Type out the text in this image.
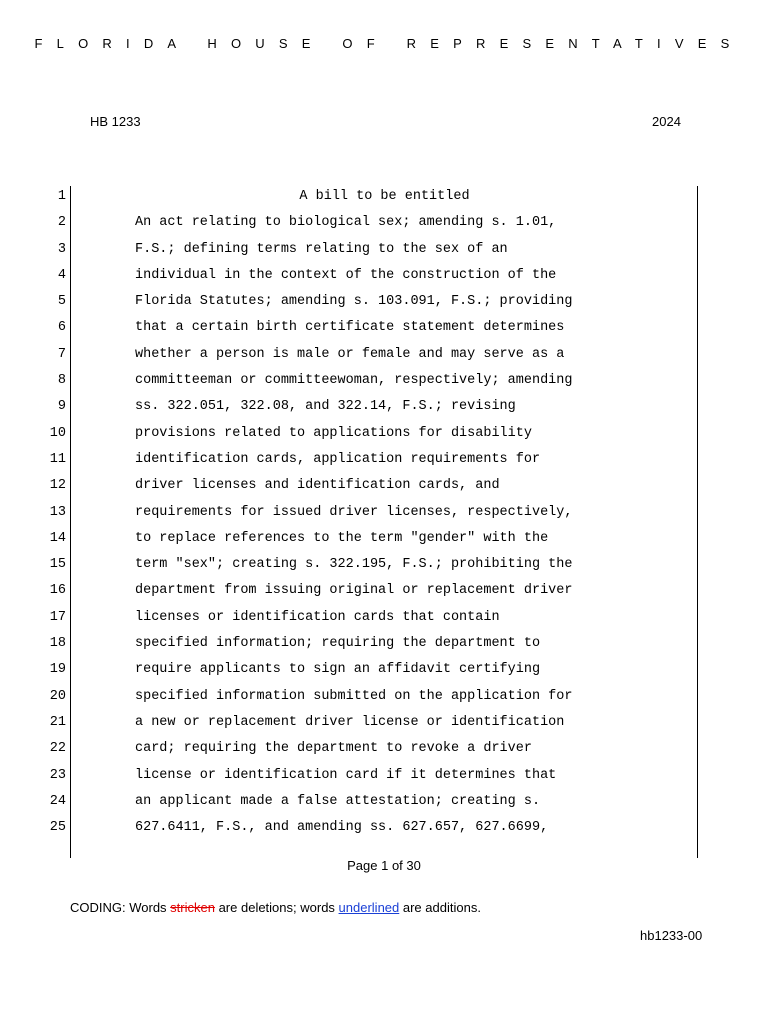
FLORIDA HOUSE OF REPRESENTATIVES
HB 1233	2024
1	A bill to be entitled
2	An act relating to biological sex; amending s. 1.01,
3	F.S.; defining terms relating to the sex of an
4	individual in the context of the construction of the
5	Florida Statutes; amending s. 103.091, F.S.; providing
6	that a certain birth certificate statement determines
7	whether a person is male or female and may serve as a
8	committeeman or committeewoman, respectively; amending
9	ss. 322.051, 322.08, and 322.14, F.S.; revising
10	provisions related to applications for disability
11	identification cards, application requirements for
12	driver licenses and identification cards, and
13	requirements for issued driver licenses, respectively,
14	to replace references to the term "gender" with the
15	term "sex"; creating s. 322.195, F.S.; prohibiting the
16	department from issuing original or replacement driver
17	licenses or identification cards that contain
18	specified information; requiring the department to
19	require applicants to sign an affidavit certifying
20	specified information submitted on the application for
21	a new or replacement driver license or identification
22	card; requiring the department to revoke a driver
23	license or identification card if it determines that
24	an applicant made a false attestation; creating s.
25	627.6411, F.S., and amending ss. 627.657, 627.6699,
Page 1 of 30
CODING: Words stricken are deletions; words underlined are additions.
hb1233-00
